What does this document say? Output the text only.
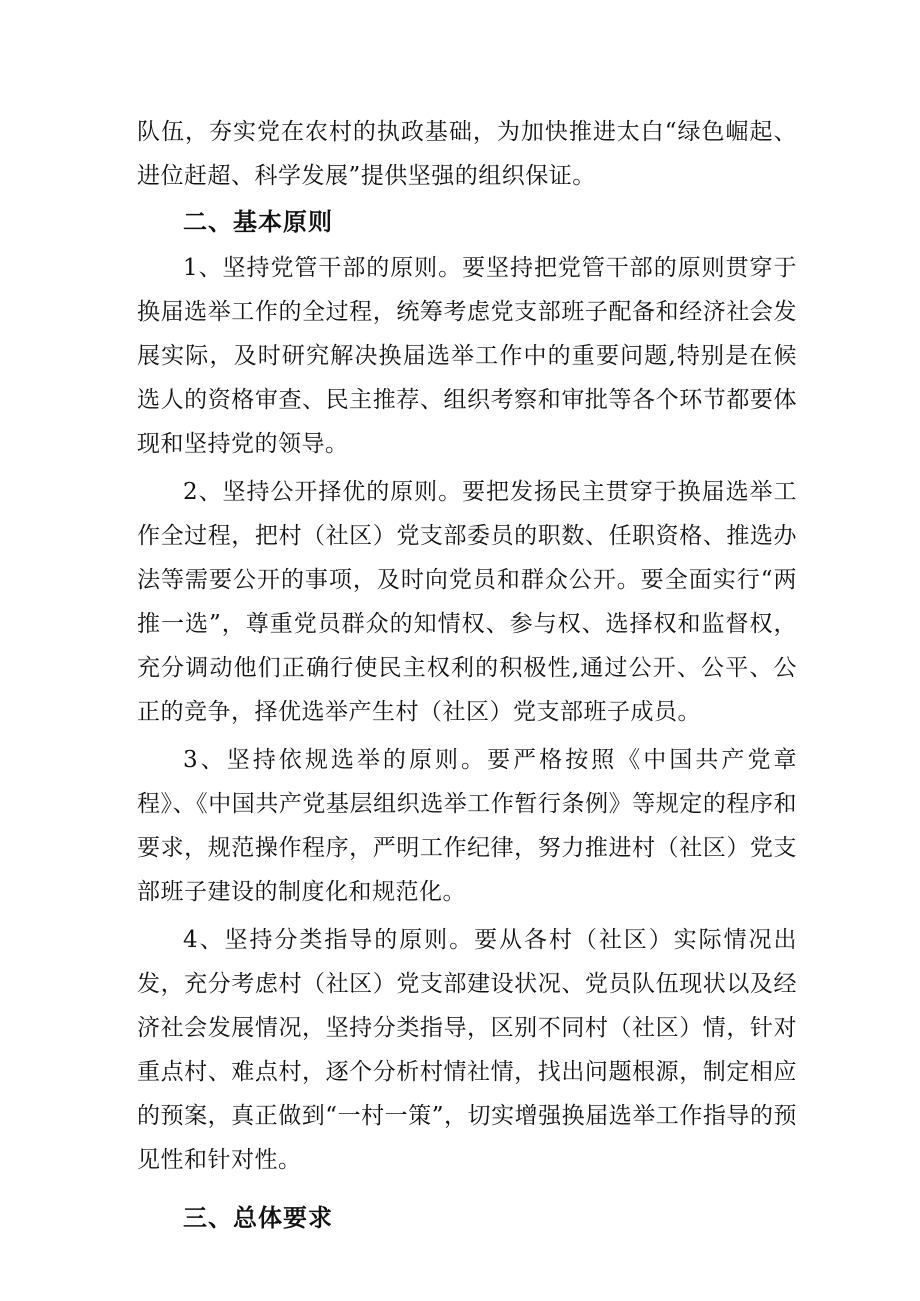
队伍，夯实党在农村的执政基础，为加快推进太白“绿色崛起、进位赶超、科学发展”提供坚强的组织保证。

二、基本原则

1、坚持党管干部的原则。要坚持把党管干部的原则贯穿于换届选举工作的全过程，统筹考虑党支部班子配备和经济社会发展实际，及时研究解决换届选举工作中的重要问题,特别是在候选人的资格审查、民主推荐、组织考察和审批等各个环节都要体现和坚持党的领导。

2、坚持公开择优的原则。要把发扬民主贯穿于换届选举工作全过程，把村（社区）党支部委员的职数、任职资格、推选办法等需要公开的事项，及时向党员和群众公开。要全面实行“两推一选”，尊重党员群众的知情权、参与权、选择权和监督权，充分调动他们正确行使民主权利的积极性,通过公开、公平、公正的竞争，择优选举产生村（社区）党支部班子成员。

3、坚持依规选举的原则。要严格按照《中国共产党章程》、《中国共产党基层组织选举工作暂行条例》等规定的程序和要求，规范操作程序，严明工作纪律，努力推进村（社区）党支部班子建设的制度化和规范化。

4、坚持分类指导的原则。要从各村（社区）实际情况出发，充分考虑村（社区）党支部建设状况、党员队伍现状以及经济社会发展情况，坚持分类指导，区别不同村（社区）情，针对重点村、难点村，逐个分析村情社情，找出问题根源，制定相应的预案，真正做到“一村一策”，切实增强换届选举工作指导的预见性和针对性。

三、总体要求
